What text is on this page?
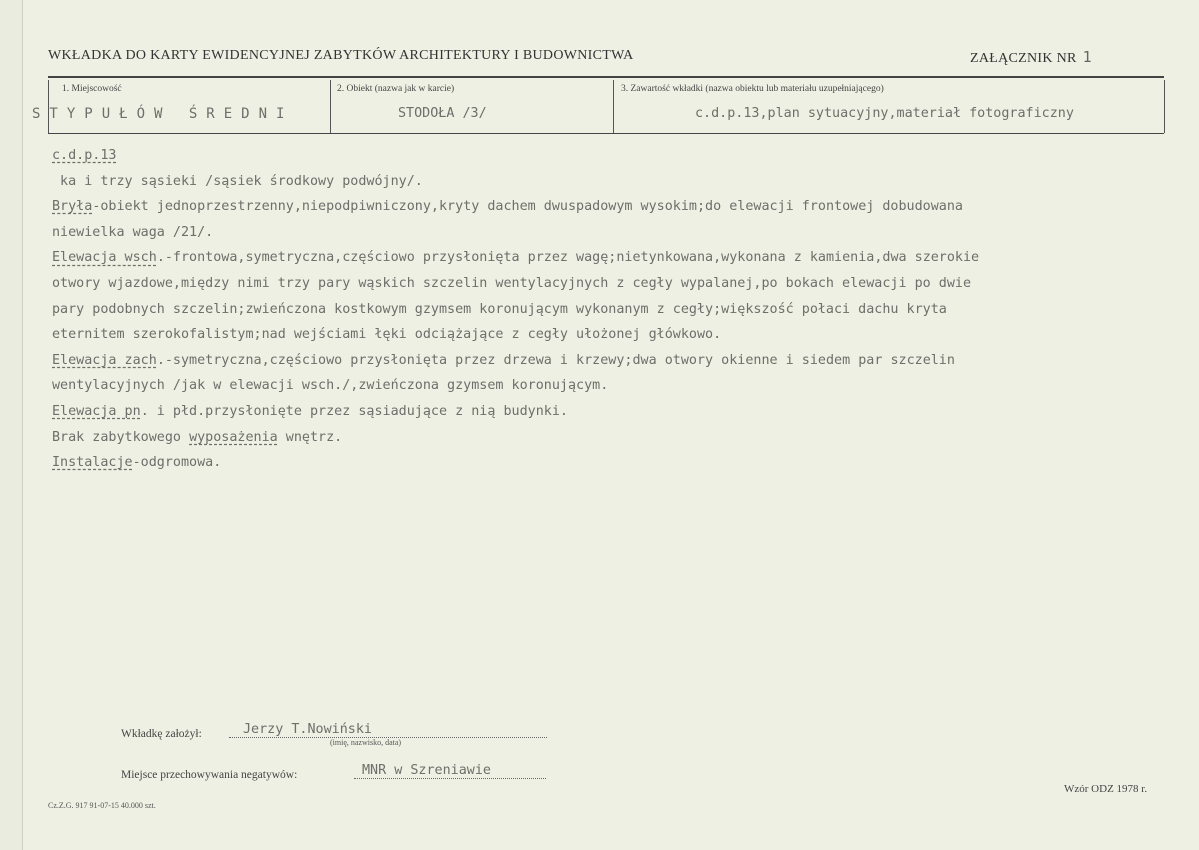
WKŁADKA DO KARTY EWIDENCYJNEJ ZABYTKÓW ARCHITEKTURY I BUDOWNICTWA	ZAŁĄCZNIK NR 1
1. Miejscowość	2. Obiekt (nazwa jak w karcie)	3. Zawartość wkładki (nazwa obiektu lub materiału uzupełniającego)
STYPUŁÓW ŚREDNI	STODOŁA /3/	c.d.p.13,plan sytuacyjny,materiał fotograficzny
c.d.p.13
ka i trzy sąsieki /sąsiek środkowy podwójny/.
Bryła-obiekt jednoprzestrzenny,niepodpiwniczony,kryty dachem dwuspadowym wysokim;do elewacji frontowej dobudowana
niewielka waga /21/.
Elewacja wsch.-frontowa,symetryczna,częściowo przysłonięta przez wagę;nietynkowana,wykonana z kamienia,dwa szerokie
otwory wjazdowe,między nimi trzy pary wąskich szczelin wentylacyjnych z cegły wypalanej,po bokach elewacji po dwie
pary podobnych szczelin;zwieńczona kostkowym gzymsem koronującym wykonanym z cegły;większość połaci dachu kryta
eternitem szerokofalistym;nad wejściami łęki odciążające z cegły ułożonej główkowo.
Elewacja zach.-symetryczna,częściowo przysłonięta przez drzewa i krzewy;dwa otwory okienne i siedem par szczelin
wentylacyjnych /jak w elewacji wsch./,zwieńczona gzymsem koronującym.
Elewacja pn. i płd.przysłonięte przez sąsiadujące z nią budynki.
Brak zabytkowego wyposażenia wnętrz.
Instalacje-odgromowa.
Wkładkę założył:	Jerzy T.Nowiński
(imię, nazwisko, data)
Miejsce przechowywania negatywów:	MNR w Szreniawie
Cz.Z.G. 917 91-07-15 40.000 szt.
Wzór ODZ 1978 r.
